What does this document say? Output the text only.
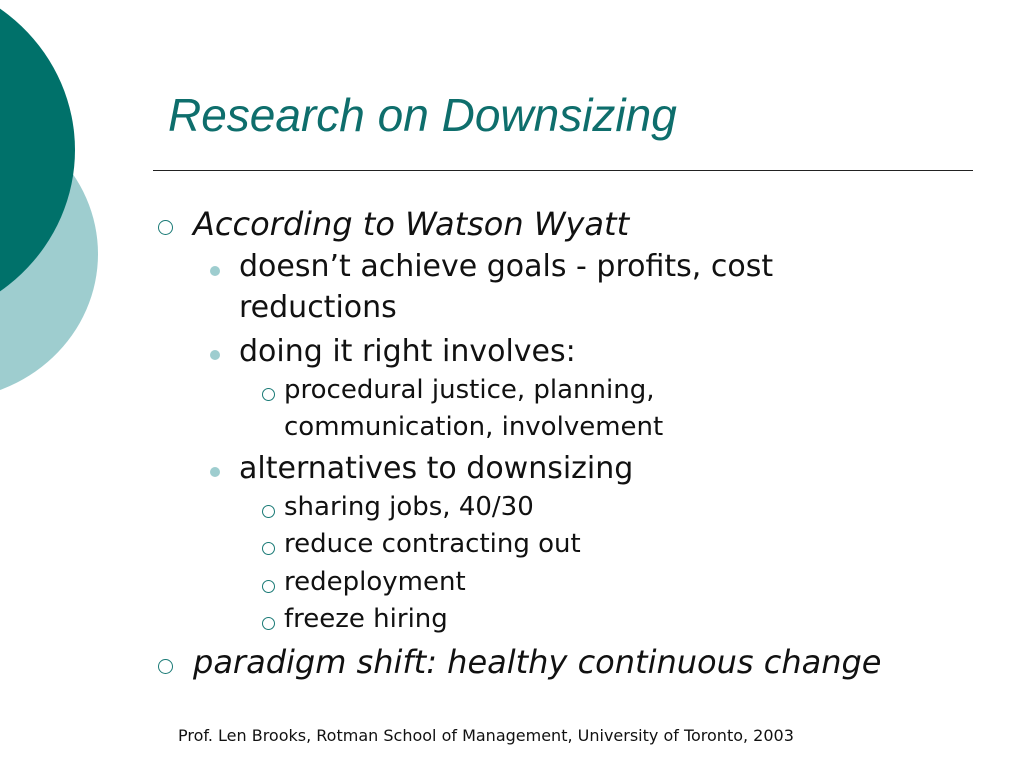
Research on Downsizing
According to Watson Wyatt
doesn’t achieve goals - profits, cost
reductions
doing it right involves:
procedural justice, planning,
communication, involvement
alternatives to downsizing
sharing jobs, 40/30
reduce contracting out
redeployment
freeze hiring
paradigm shift: healthy continuous change
Prof. Len Brooks, Rotman School of Management, University of Toronto, 2003
